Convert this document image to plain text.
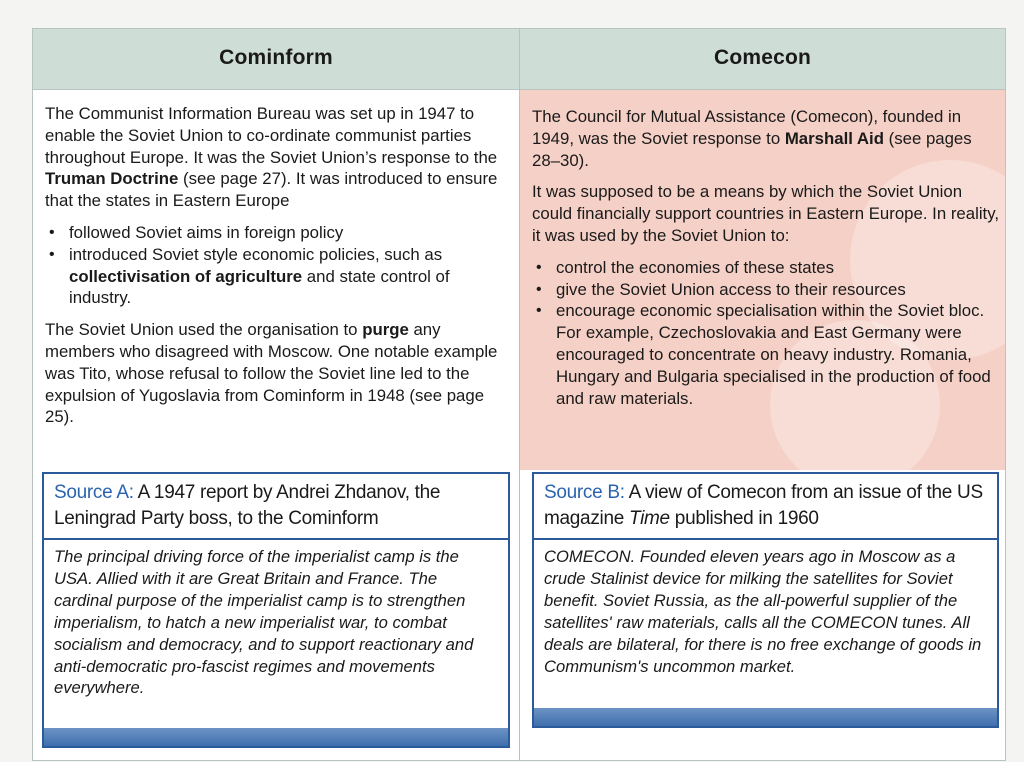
Cominform

The Communist Information Bureau was set up in 1947 to enable the Soviet Union to co-ordinate communist parties throughout Europe. It was the Soviet Union’s response to the Truman Doctrine (see page 27). It was introduced to ensure that the states in Eastern Europe

• followed Soviet aims in foreign policy
• introduced Soviet style economic policies, such as collectivisation of agriculture and state control of industry.

The Soviet Union used the organisation to purge any members who disagreed with Moscow. One notable example was Tito, whose refusal to follow the Soviet line led to the expulsion of Yugoslavia from Cominform in 1948 (see page 25).

Source A: A 1947 report by Andrei Zhdanov, the Leningrad Party boss, to the Cominform
The principal driving force of the imperialist camp is the USA. Allied with it are Great Britain and France. The cardinal purpose of the imperialist camp is to strengthen imperialism, to hatch a new imperialist war, to combat socialism and democracy, and to support reactionary and anti-democratic pro-fascist regimes and movements everywhere.
Comecon

The Council for Mutual Assistance (Comecon), founded in 1949, was the Soviet response to Marshall Aid (see pages 28–30).

It was supposed to be a means by which the Soviet Union could financially support countries in Eastern Europe. In reality, it was used by the Soviet Union to:

• control the economies of these states
• give the Soviet Union access to their resources
• encourage economic specialisation within the Soviet bloc. For example, Czechoslovakia and East Germany were encouraged to concentrate on heavy industry. Romania, Hungary and Bulgaria specialised in the production of food and raw materials.
Source B: A view of Comecon from an issue of the US magazine Time published in 1960
COMECON. Founded eleven years ago in Moscow as a crude Stalinist device for milking the satellites for Soviet benefit. Soviet Russia, as the all-powerful supplier of the satellites' raw materials, calls all the COMECON tunes. All deals are bilateral, for there is no free exchange of goods in Communism's uncommon market.
